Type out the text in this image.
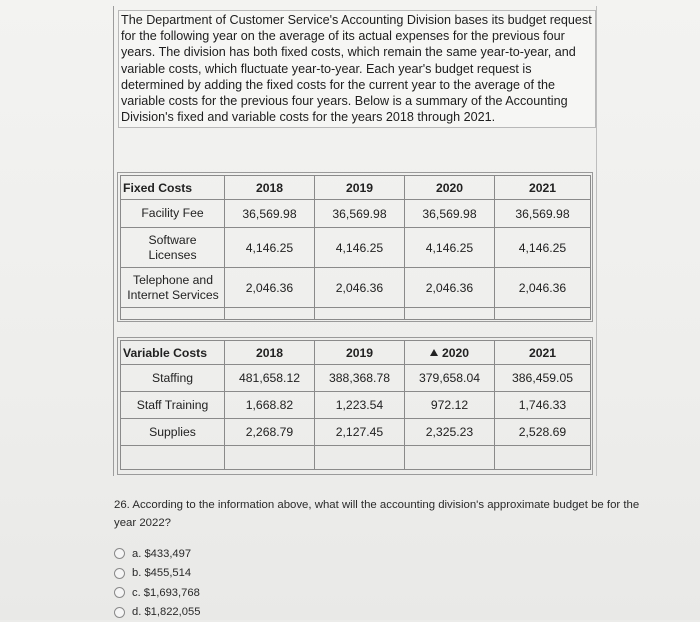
The Department of Customer Service's Accounting Division bases its budget request for the following year on the average of its actual expenses for the previous four years. The division has both fixed costs, which remain the same year-to-year, and variable costs, which fluctuate year-to-year. Each year's budget request is determined by adding the fixed costs for the current year to the average of the variable costs for the previous four years. Below is a summary of the Accounting Division's fixed and variable costs for the years 2018 through 2021.
Fixed Costs	2018	2019	2020	2021
Facility Fee	36,569.98	36,569.98	36,569.98	36,569.98

Software Licenses	4,146.25	4,146.25	4,146.25	4,146.25

Telephone and Internet Services	2,046.36	2,046.36	2,046.36	2,046.36

Variable Costs	2018	2019	2020	2021
Staffing	481,658.12	388,368.78	379,658.04	386,459.05
Staff Training	1,668.82	1,223.54	972.12	1,746.33
Supplies	2,268.79	2,127.45	2,325.23	2,528.69

26. According to the information above, what will the accounting division's approximate budget be for the year 2022?
a. $433,497
b. $455,514
c. $1,693,768
d. $1,822,055
